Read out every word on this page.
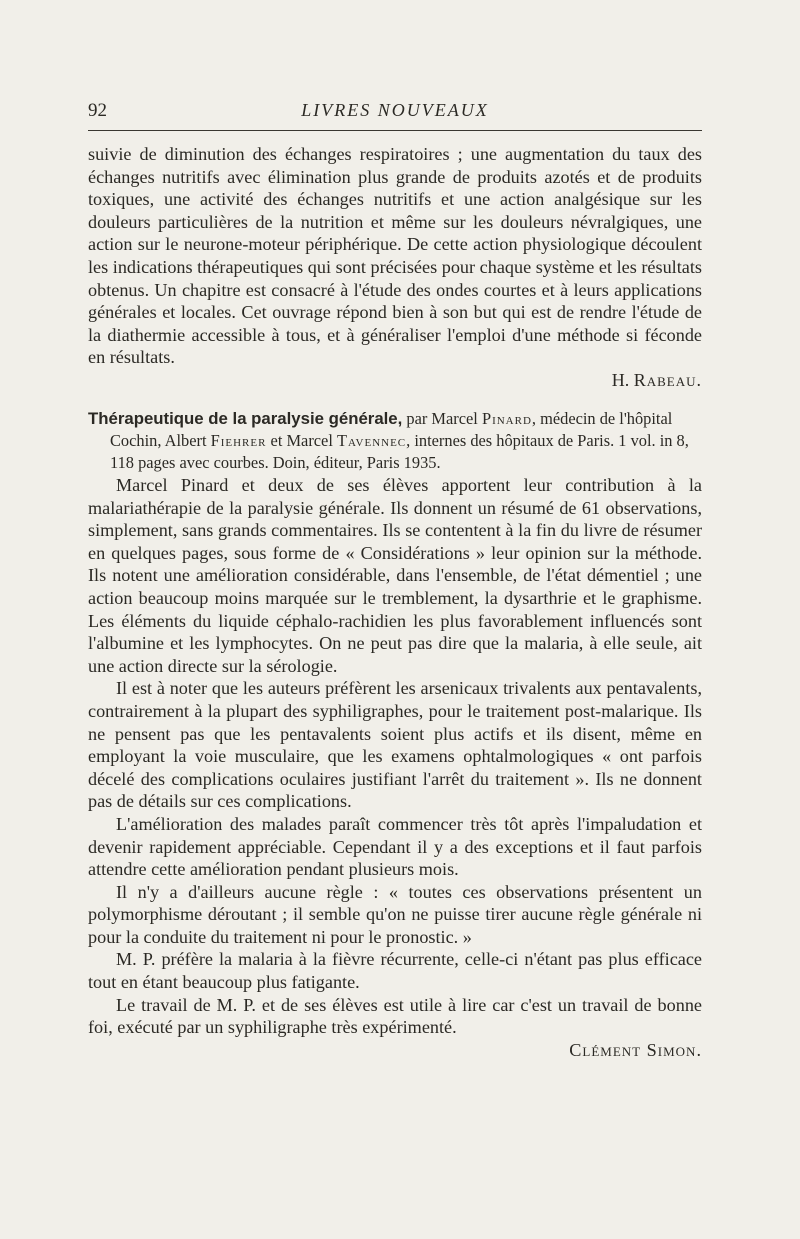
92	LIVRES NOUVEAUX

suivie de diminution des échanges respiratoires ; une augmentation du taux des échanges nutritifs avec élimination plus grande de produits azotés et de produits toxiques, une activité des échanges nutritifs et une action analgésique sur les douleurs particulières de la nutrition et même sur les douleurs névralgiques, une action sur le neurone-moteur périphérique. De cette action physiologique découlent les indications thérapeutiques qui sont précisées pour chaque système et les résultats obtenus. Un chapitre est consacré à l'étude des ondes courtes et à leurs applications générales et locales. Cet ouvrage répond bien à son but qui est de rendre l'étude de la diathermie accessible à tous, et à généraliser l'emploi d'une méthode si féconde en résultats.

H. Rabeau.

Thérapeutique de la paralysie générale, par Marcel Pinard, médecin de l'hôpital Cochin, Albert Fiehrer et Marcel Tavennec, internes des hôpitaux de Paris. 1 vol. in 8, 118 pages avec courbes. Doin, éditeur, Paris 1935.

Marcel Pinard et deux de ses élèves apportent leur contribution à la malariathérapie de la paralysie générale. Ils donnent un résumé de 61 observations, simplement, sans grands commentaires. Ils se contentent à la fin du livre de résumer en quelques pages, sous forme de « Considérations » leur opinion sur la méthode. Ils notent une amélioration considérable, dans l'ensemble, de l'état démentiel ; une action beaucoup moins marquée sur le tremblement, la dysarthrie et le graphisme. Les éléments du liquide céphalo-rachidien les plus favorablement influencés sont l'albumine et les lymphocytes. On ne peut pas dire que la malaria, à elle seule, ait une action directe sur la sérologie.

Il est à noter que les auteurs préfèrent les arsenicaux trivalents aux pentavalents, contrairement à la plupart des syphiligraphes, pour le traitement post-malarique. Ils ne pensent pas que les pentavalents soient plus actifs et ils disent, même en employant la voie musculaire, que les examens ophtalmologiques « ont parfois décelé des complications oculaires justifiant l'arrêt du traitement ». Ils ne donnent pas de détails sur ces complications.

L'amélioration des malades paraît commencer très tôt après l'impaludation et devenir rapidement appréciable. Cependant il y a des exceptions et il faut parfois attendre cette amélioration pendant plusieurs mois.

Il n'y a d'ailleurs aucune règle : « toutes ces observations présentent un polymorphisme déroutant ; il semble qu'on ne puisse tirer aucune règle générale ni pour la conduite du traitement ni pour le pronostic. »

M. P. préfère la malaria à la fièvre récurrente, celle-ci n'étant pas plus efficace tout en étant beaucoup plus fatigante.

Le travail de M. P. et de ses élèves est utile à lire car c'est un travail de bonne foi, exécuté par un syphiligraphe très expérimenté.

Clément Simon.
